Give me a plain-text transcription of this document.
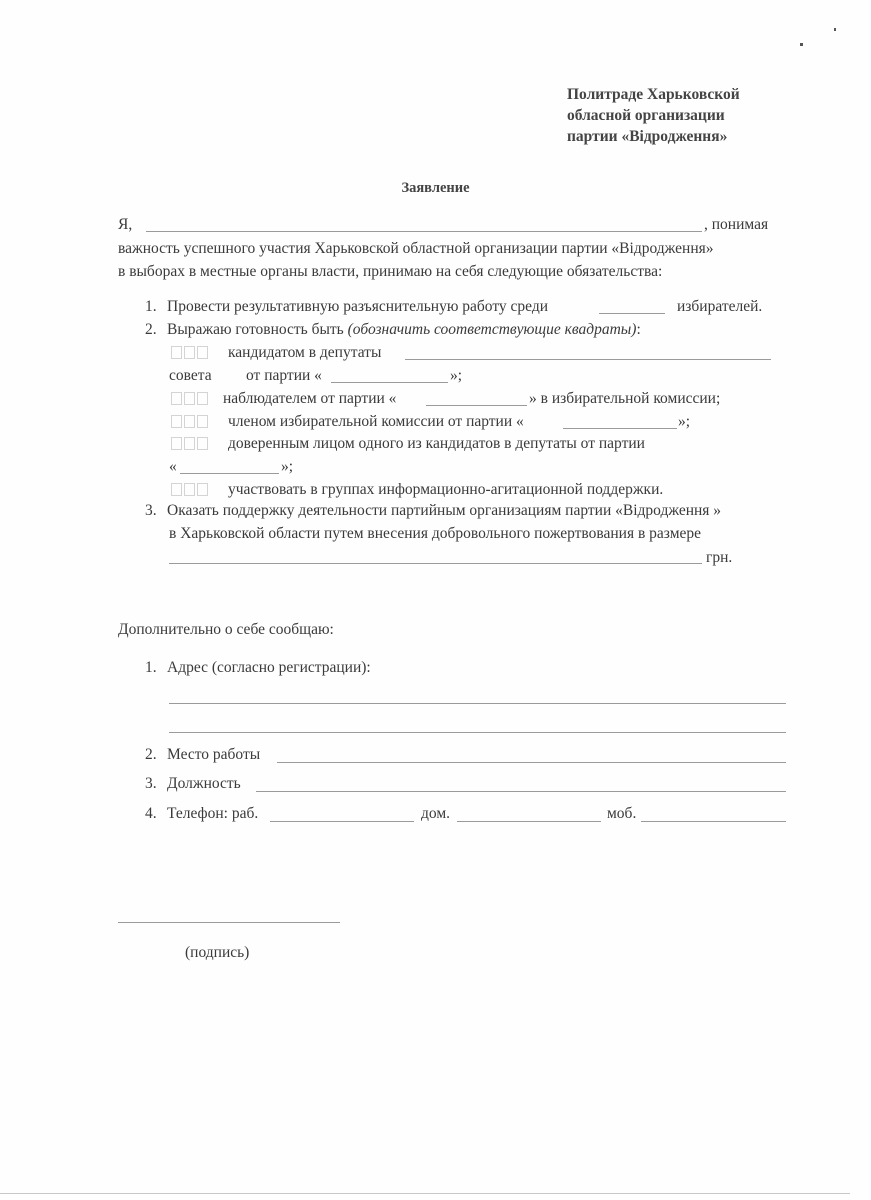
Политраде Харьковской
обласной организации
партии «Відродження»
Заявление
Я,	, понимая
важность успешного участия Харьковской областной организации партии «Відродження»
в выборах в местные органы власти, принимаю на себя следующие обязательства:
1. Провести результативную разъяснительную работу среди	избирателей.
2. Выражаю готовность быть (обозначить соответствующие квадраты):
кандидатом в депутаты
совета от партии «	»;
наблюдателем от партии «	» в избирательной комиссии;
членом избирательной комиссии от партии «	»;
доверенным лицом одного из кандидатов в депутаты от партии
«	»;
участвовать в группах информационно-агитационной поддержки.
3. Оказать поддержку деятельности партийным организациям партии «Відродження »
в Харьковской области путем внесения добровольного пожертвования в размере
грн.
Дополнительно о себе сообщаю:
1. Адрес (согласно регистрации):
2. Место работы
3. Должность
4. Телефон: раб.	дом.	моб.
(подпись)
